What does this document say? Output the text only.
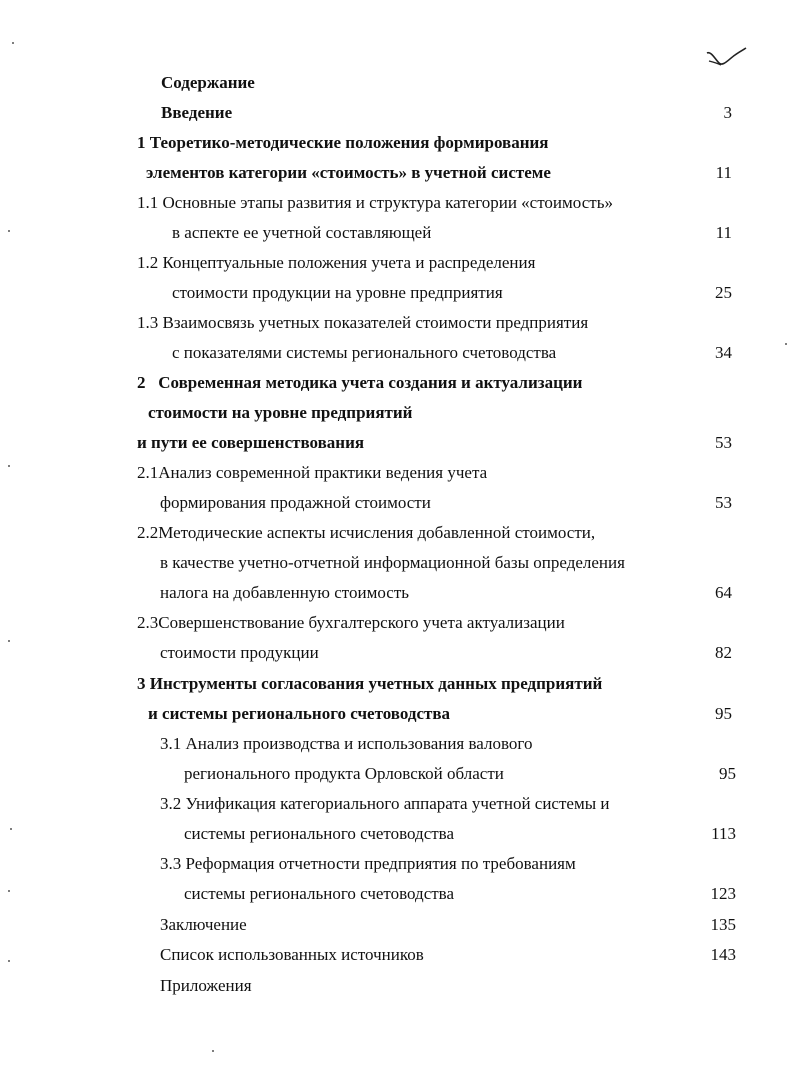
Содержание
Введение	3
1 Теоретико-методические положения формирования
элементов категории «стоимость» в учетной системе	11
1.1 Основные этапы развития и структура категории «стоимость»
в аспекте ее учетной составляющей	11
1.2 Концептуальные положения учета и распределения
стоимости продукции на уровне предприятия	25
1.3 Взаимосвязь учетных показателей стоимости предприятия
с показателями системы регионального счетоводства	34
2   Современная методика учета создания и актуализации
стоимости на уровне предприятий
и пути ее совершенствования	53
2.1Анализ современной практики ведения учета
формирования продажной стоимости	53
2.2Методические аспекты исчисления добавленной стоимости,
в качестве учетно-отчетной информационной базы определения
налога на добавленную стоимость	64
2.3Совершенствование бухгалтерского учета актуализации
стоимости продукции	82
3 Инструменты согласования учетных данных предприятий
и системы регионального счетоводства	95
3.1 Анализ производства и использования валового
регионального продукта Орловской области	95
3.2 Унификация категориального аппарата учетной системы и
системы регионального счетоводства	113
3.3 Реформация отчетности предприятия по требованиям
системы регионального счетоводства	123
Заключение	135
Список использованных источников	143
Приложения
